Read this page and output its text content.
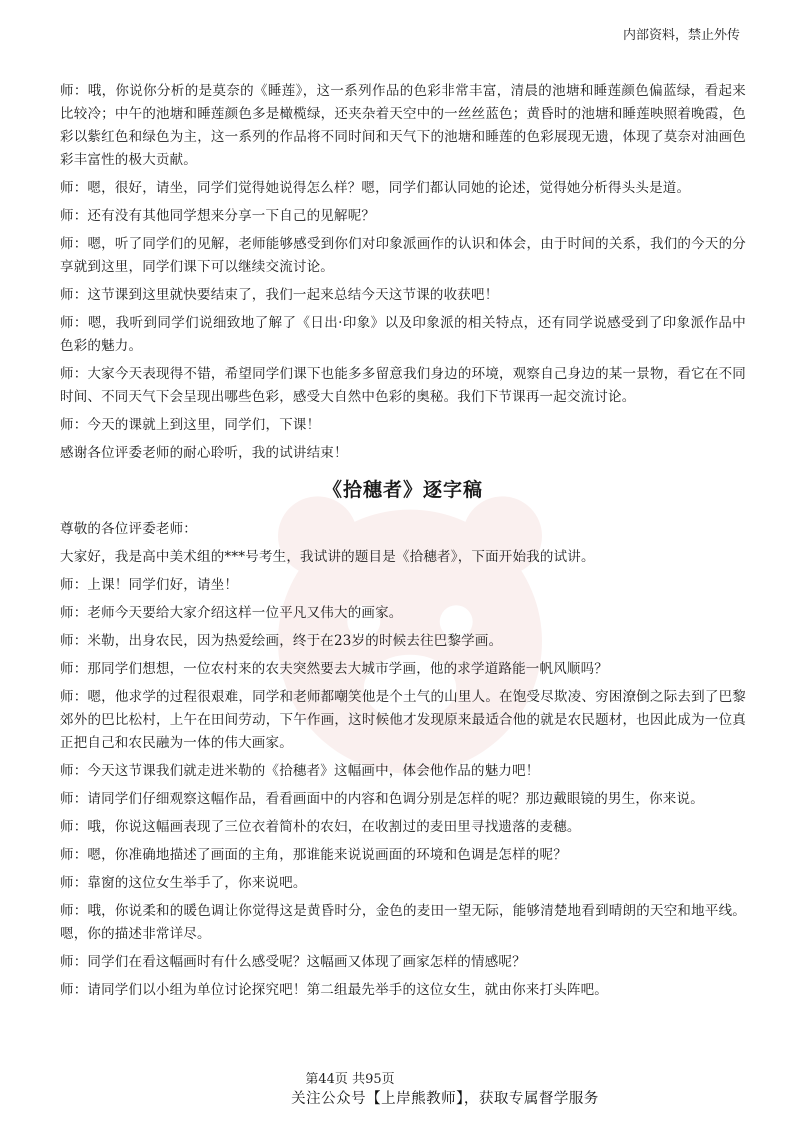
内部资料，禁止外传

师：哦，你说你分析的是莫奈的《睡莲》，这一系列作品的色彩非常丰富，清晨的池塘和睡莲颜色偏蓝绿，看起来比较冷；中午的池塘和睡莲颜色多是橄榄绿，还夹杂着天空中的一丝丝蓝色；黄昏时的池塘和睡莲映照着晚霞，色彩以紫红色和绿色为主，这一系列的作品将不同时间和天气下的池塘和睡莲的色彩展现无遗，体现了莫奈对油画色彩丰富性的极大贡献。

师：嗯，很好，请坐，同学们觉得她说得怎么样？嗯，同学们都认同她的论述，觉得她分析得头头是道。

师：还有没有其他同学想来分享一下自己的见解呢？

师：嗯，听了同学们的见解，老师能够感受到你们对印象派画作的认识和体会，由于时间的关系，我们的今天的分享就到这里，同学们课下可以继续交流讨论。

师：这节课到这里就快要结束了，我们一起来总结今天这节课的收获吧！

师：嗯，我听到同学们说细致地了解了《日出·印象》以及印象派的相关特点，还有同学说感受到了印象派作品中色彩的魅力。

师：大家今天表现得不错，希望同学们课下也能多多留意我们身边的环境，观察自己身边的某一景物，看它在不同时间、不同天气下会呈现出哪些色彩，感受大自然中色彩的奥秘。我们下节课再一起交流讨论。

师：今天的课就上到这里，同学们，下课！

感谢各位评委老师的耐心聆听，我的试讲结束！

《拾穗者》逐字稿

尊敬的各位评委老师：

大家好，我是高中美术组的***号考生，我试讲的题目是《拾穗者》，下面开始我的试讲。

师：上课！同学们好，请坐！

师：老师今天要给大家介绍这样一位平凡又伟大的画家。

师：米勒，出身农民，因为热爱绘画，终于在23岁的时候去往巴黎学画。

师：那同学们想想，一位农村来的农夫突然要去大城市学画，他的求学道路能一帆风顺吗？

师：嗯，他求学的过程很艰难，同学和老师都嘲笑他是个土气的山里人。在饱受尽欺凌、穷困潦倒之际去到了巴黎郊外的巴比松村，上午在田间劳动，下午作画，这时候他才发现原来最适合他的就是农民题材，也因此成为一位真正把自己和农民融为一体的伟大画家。

师：今天这节课我们就走进米勒的《拾穗者》这幅画中，体会他作品的魅力吧！

师：请同学们仔细观察这幅作品，看看画面中的内容和色调分别是怎样的呢？那边戴眼镜的男生，你来说。

师：哦，你说这幅画表现了三位衣着简朴的农妇，在收割过的麦田里寻找遗落的麦穗。

师：嗯，你准确地描述了画面的主角，那谁能来说说画面的环境和色调是怎样的呢？

师：靠窗的这位女生举手了，你来说吧。

师：哦，你说柔和的暖色调让你觉得这是黄昏时分，金色的麦田一望无际，能够清楚地看到晴朗的天空和地平线。嗯，你的描述非常详尽。

师：同学们在看这幅画时有什么感受呢？这幅画又体现了画家怎样的情感呢？

师：请同学们以小组为单位讨论探究吧！第二组最先举手的这位女生，就由你来打头阵吧。

第44页 共95页
关注公众号【上岸熊教师】，获取专属督学服务
